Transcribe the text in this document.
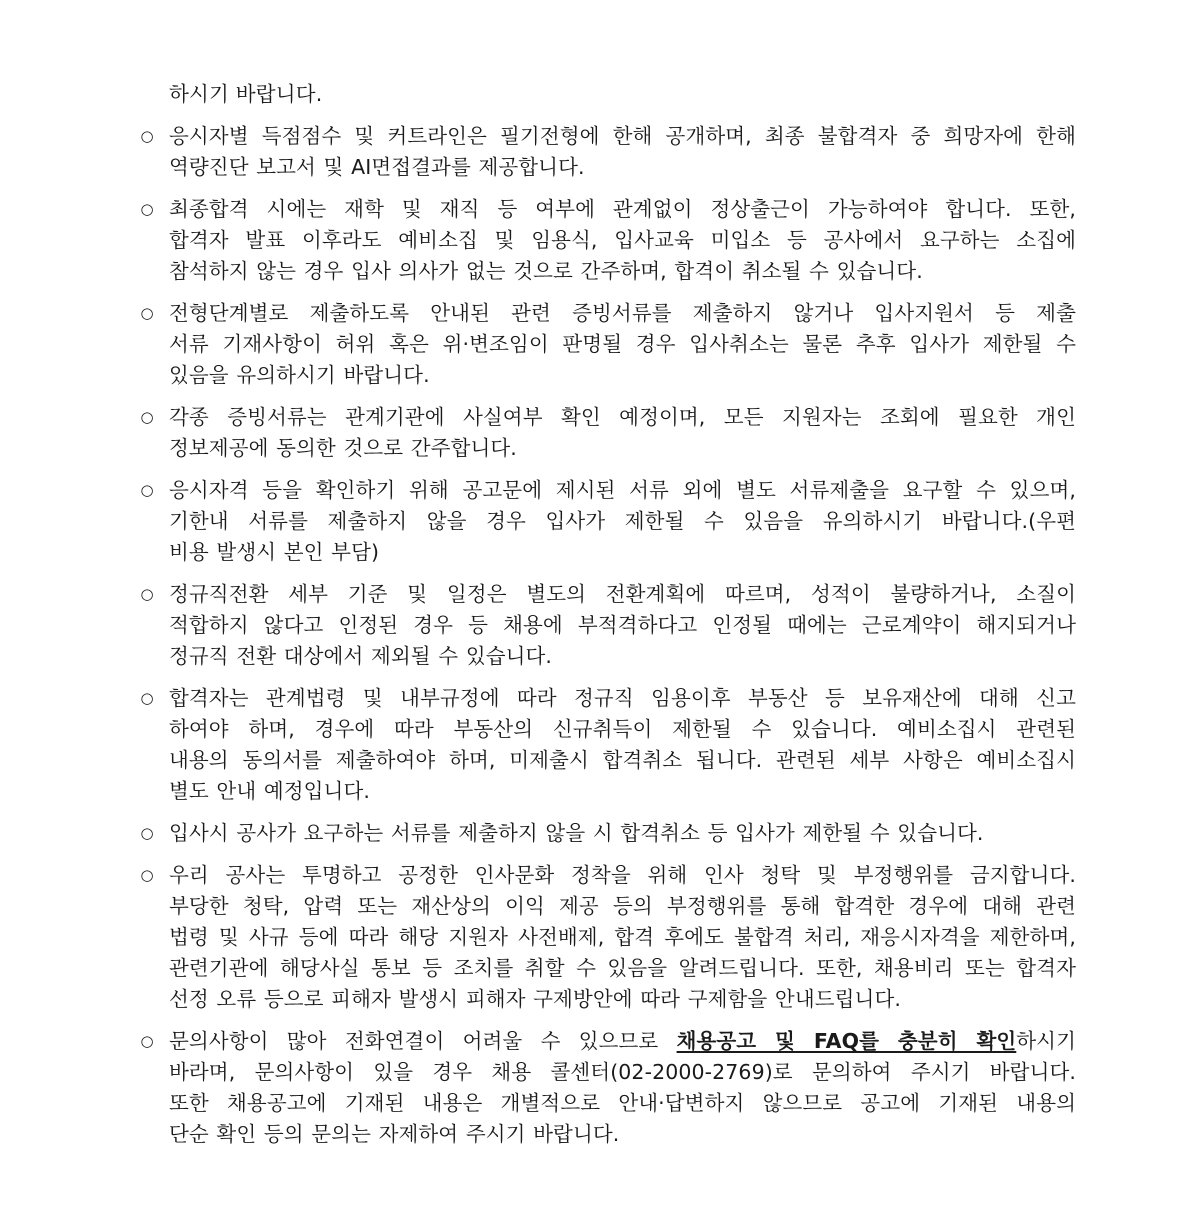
하시기 바랍니다.

○ 응시자별 득점점수 및 커트라인은 필기전형에 한해 공개하며, 최종 불합격자 중 희망자에 한해
역량진단 보고서 및 AI면접결과를 제공합니다.
○ 최종합격 시에는 재학 및 재직 등 여부에 관계없이 정상출근이 가능하여야 합니다. 또한,
합격자 발표 이후라도 예비소집 및 임용식, 입사교육 미입소 등 공사에서 요구하는 소집에
참석하지 않는 경우 입사 의사가 없는 것으로 간주하며, 합격이 취소될 수 있습니다.
○ 전형단계별로 제출하도록 안내된 관련 증빙서류를 제출하지 않거나 입사지원서 등 제출
서류 기재사항이 허위 혹은 위·변조임이 판명될 경우 입사취소는 물론 추후 입사가 제한될 수
있음을 유의하시기 바랍니다.
○ 각종 증빙서류는 관계기관에 사실여부 확인 예정이며, 모든 지원자는 조회에 필요한 개인
정보제공에 동의한 것으로 간주합니다.
○ 응시자격 등을 확인하기 위해 공고문에 제시된 서류 외에 별도 서류제출을 요구할 수 있으며,
기한내 서류를 제출하지 않을 경우 입사가 제한될 수 있음을 유의하시기 바랍니다.(우편
비용 발생시 본인 부담)
○ 정규직전환 세부 기준 및 일정은 별도의 전환계획에 따르며, 성적이 불량하거나, 소질이
적합하지 않다고 인정된 경우 등 채용에 부적격하다고 인정될 때에는 근로계약이 해지되거나
정규직 전환 대상에서 제외될 수 있습니다.
○ 합격자는 관계법령 및 내부규정에 따라 정규직 임용이후 부동산 등 보유재산에 대해 신고
하여야 하며, 경우에 따라 부동산의 신규취득이 제한될 수 있습니다. 예비소집시 관련된
내용의 동의서를 제출하여야 하며, 미제출시 합격취소 됩니다. 관련된 세부 사항은 예비소집시
별도 안내 예정입니다.
○ 입사시 공사가 요구하는 서류를 제출하지 않을 시 합격취소 등 입사가 제한될 수 있습니다.
○ 우리 공사는 투명하고 공정한 인사문화 정착을 위해 인사 청탁 및 부정행위를 금지합니다.
부당한 청탁, 압력 또는 재산상의 이익 제공 등의 부정행위를 통해 합격한 경우에 대해 관련
법령 및 사규 등에 따라 해당 지원자 사전배제, 합격 후에도 불합격 처리, 재응시자격을 제한하며,
관련기관에 해당사실 통보 등 조치를 취할 수 있음을 알려드립니다. 또한, 채용비리 또는 합격자
선정 오류 등으로 피해자 발생시 피해자 구제방안에 따라 구제함을 안내드립니다.
○ 문의사항이 많아 전화연결이 어려울 수 있으므로 채용공고 및 FAQ를 충분히 확인하시기
바라며, 문의사항이 있을 경우 채용 콜센터(02-2000-2769)로 문의하여 주시기 바랍니다.
또한 채용공고에 기재된 내용은 개별적으로 안내·답변하지 않으므로 공고에 기재된 내용의
단순 확인 등의 문의는 자제하여 주시기 바랍니다.
